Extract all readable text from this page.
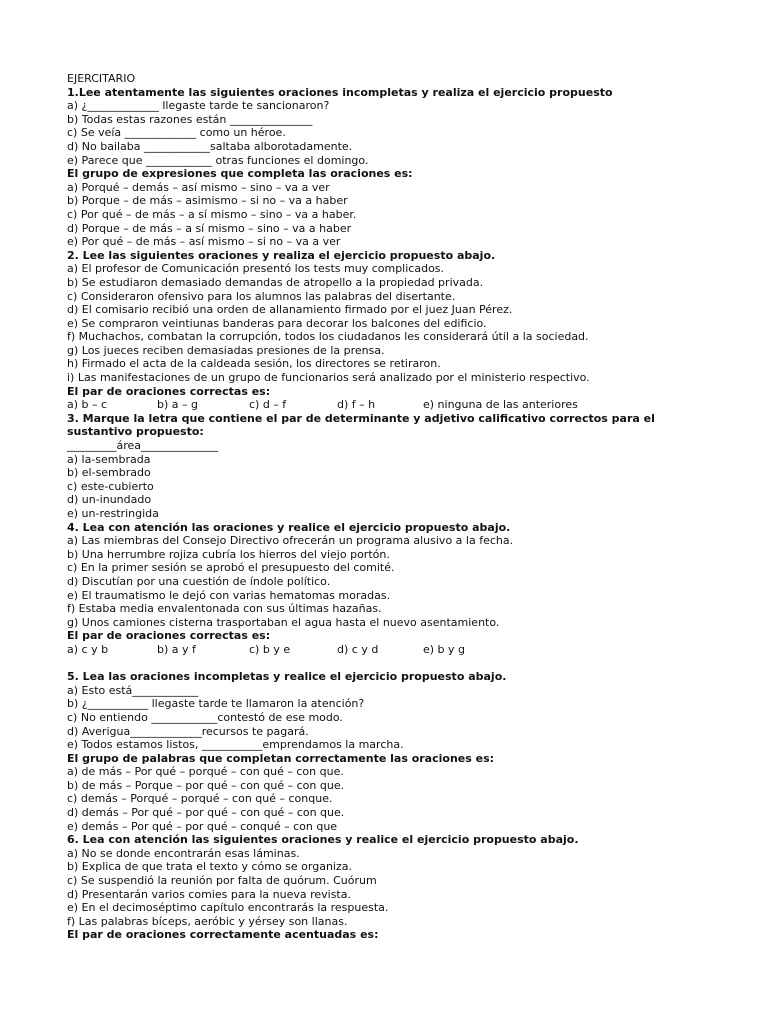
EJERCITARIO
1.Lee atentamente las siguientes oraciones incompletas y realiza el ejercicio propuesto
a) ¿_____________ llegaste tarde te sancionaron?
b) Todas estas razones están _______________
c) Se veía _____________ como un héroe.
d) No bailaba ____________saltaba alborotadamente.
e) Parece que ____________ otras funciones el domingo.
El grupo de expresiones que completa las oraciones es:
a) Porqué – demás – así mismo – sino – va a ver
b) Porque – de más – asimismo – si no – va a haber
c) Por qué – de más – a sí mismo – sino – va a haber.
d) Porque – de más – a sí mismo – sino – va a haber
e) Por qué – de más – así mismo – si no – va a ver
2. Lee las siguientes oraciones y realiza el ejercicio propuesto abajo.
a) El profesor de Comunicación presentó los tests muy complicados.
b) Se estudiaron demasiado demandas de atropello a la propiedad privada.
c) Consideraron ofensivo para los alumnos las palabras del disertante.
d) El comisario recibió una orden de allanamiento firmado por el juez Juan Pérez.
e) Se compraron veintiunas banderas para decorar los balcones del edificio.
f) Muchachos, combatan la corrupción, todos los ciudadanos les considerará útil a la sociedad.
g) Los jueces reciben demasiadas presiones de la prensa.
h) Firmado el acta de la caldeada sesión, los directores se retiraron.
i) Las manifestaciones de un grupo de funcionarios será analizado por el ministerio respectivo.
El par de oraciones correctas es:
a) b – c	b) a – g	c) d – f	d) f – h	e) ninguna de las anteriores
3. Marque la letra que contiene el par de determinante y adjetivo calificativo correctos para el sustantivo propuesto:
_________área______________
a) la-sembrada
b) el-sembrado
c) este-cubierto
d) un-inundado
e) un-restringida
4. Lea con atención las oraciones y realice el ejercicio propuesto abajo.
a) Las miembras del Consejo Directivo ofrecerán un programa alusivo a la fecha.
b) Una herrumbre rojiza cubría los hierros del viejo portón.
c) En la primer sesión se aprobó el presupuesto del comité.
d) Discutían por una cuestión de índole político.
e) El traumatismo le dejó con varias hematomas moradas.
f) Estaba media envalentonada con sus últimas hazañas.
g) Unos camiones cisterna trasportaban el agua hasta el nuevo asentamiento.
El par de oraciones correctas es:
a) c y b	b) a y f	c) b y e	d) c y d	e) b y g
5. Lea las oraciones incompletas y realice el ejercicio propuesto abajo.
a) Esto está____________
b) ¿___________ llegaste tarde te llamaron la atención?
c) No entiendo ____________contestó de ese modo.
d) Averigua_____________recursos te pagará.
e) Todos estamos listos, ___________emprendamos la marcha.
El grupo de palabras que completan correctamente las oraciones es:
a) de más – Por qué – porqué – con qué – con que.
b) de más – Porque – por qué – con qué – con que.
c) demás – Porqué – porqué – con qué – conque.
d) demás – Por qué – por qué – con qué – con que.
e) demás – Por qué – por qué – conqué – con que
6. Lea con atención las siguientes oraciones y realice el ejercicio propuesto abajo.
a) No se donde encontrarán esas láminas.
b) Explica de que trata el texto y cómo se organiza.
c) Se suspendió la reunión por falta de quórum. Cuórum
d) Presentarán varios comies para la nueva revista.
e) En el decimoséptimo capítulo encontrarás la respuesta.
f) Las palabras bíceps, aeróbic y yérsey son llanas.
El par de oraciones correctamente acentuadas es:
